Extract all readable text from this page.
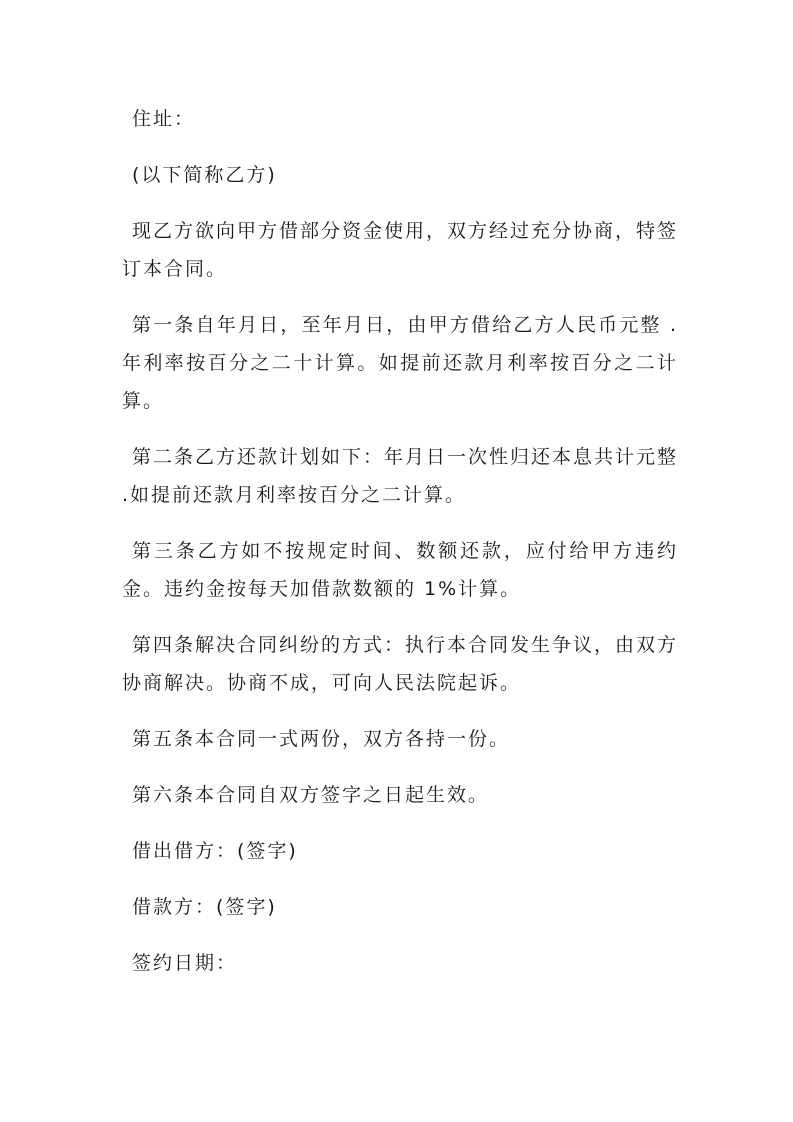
住址：

(以下简称乙方)

现乙方欲向甲方借部分资金使用，双方经过充分协商，特签订本合同。

第一条自年月日，至年月日，由甲方借给乙方人民币元整 .年利率按百分之二十计算。如提前还款月利率按百分之二计算。

第二条乙方还款计划如下：年月日一次性归还本息共计元整 .如提前还款月利率按百分之二计算。

第三条乙方如不按规定时间、数额还款，应付给甲方违约金。违约金按每天加借款数额的 1%计算。

第四条解决合同纠纷的方式：执行本合同发生争议，由双方协商解决。协商不成，可向人民法院起诉。

第五条本合同一式两份，双方各持一份。

第六条本合同自双方签字之日起生效。

借出借方：(签字)

借款方：(签字)

签约日期：
